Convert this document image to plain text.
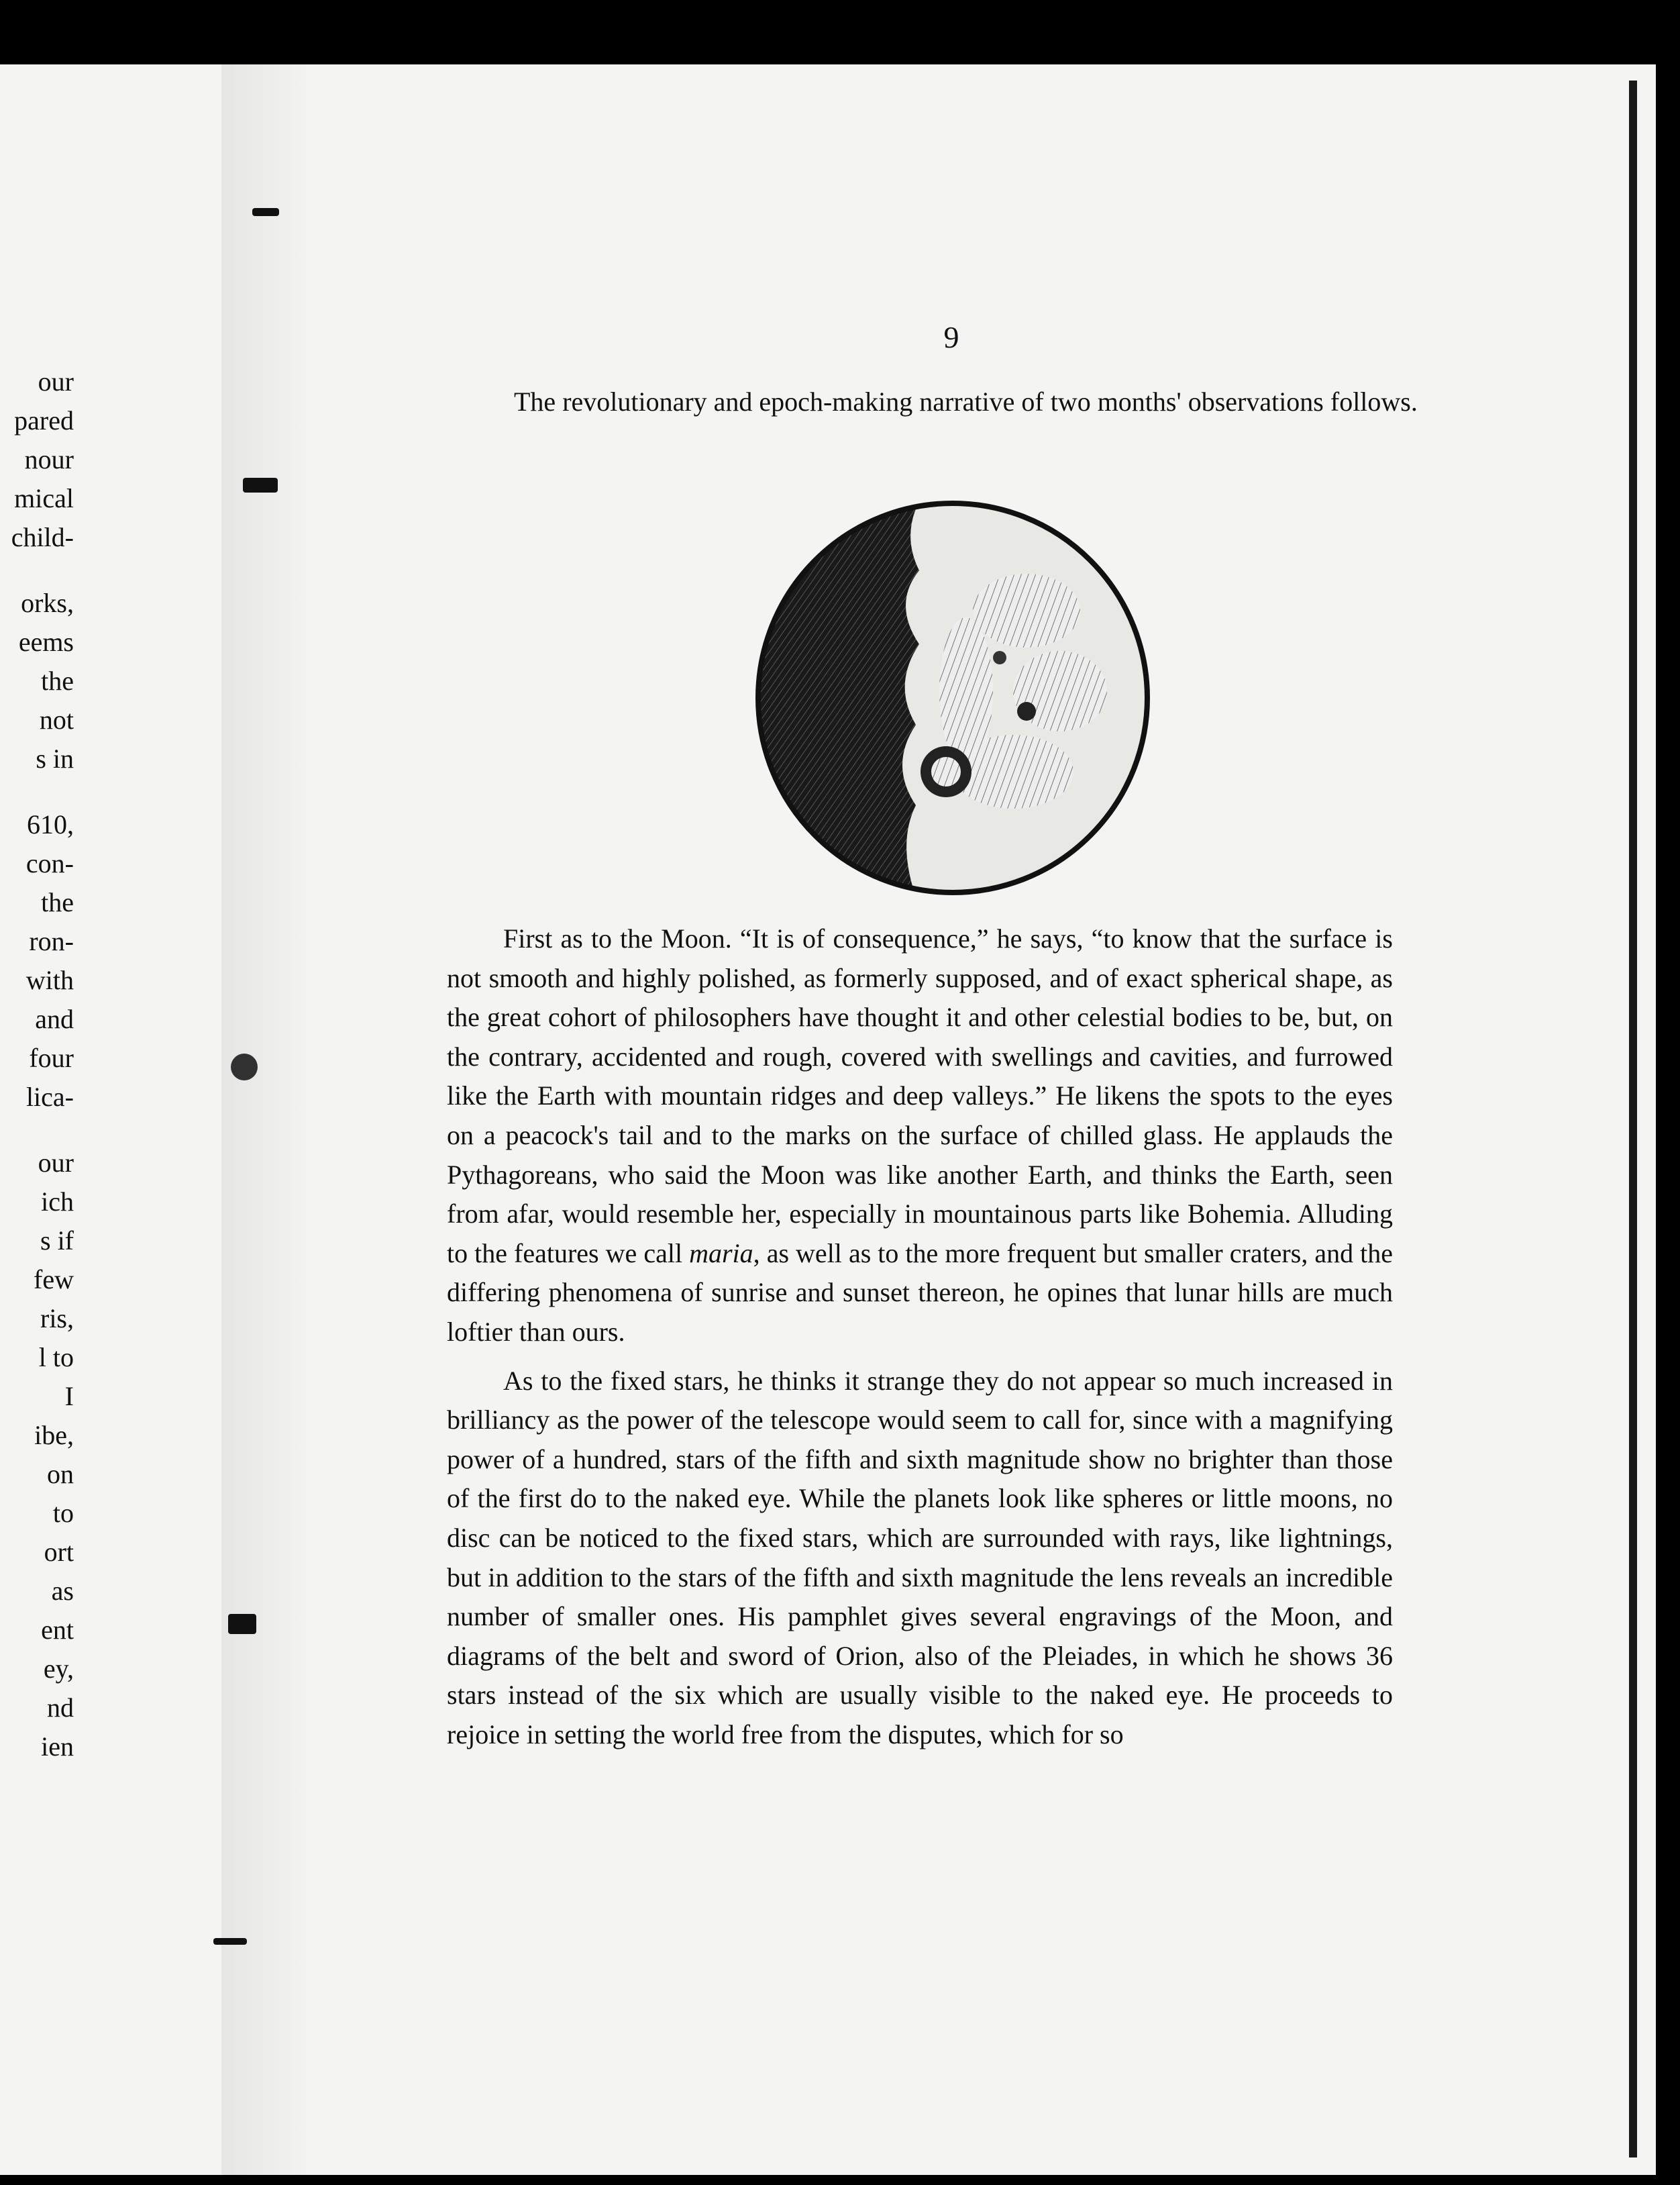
our
pared
nour
mical
child-
orks,
eems
the
not
s in
610,
con-
the
ron-
with
and
four
lica-
our
ich
s if
few
ris,
l to
I
ibe,
on
to
ort
as
ent
ey,
nd
ien
9
The revolutionary and epoch-making narrative of two months' observations follows.

First as to the Moon. “It is of consequence,” he says, “to know that the surface is not smooth and highly polished, as formerly supposed, and of exact spherical shape, as the great cohort of philosophers have thought it and other celestial bodies to be, but, on the contrary, accidented and rough, covered with swellings and cavities, and furrowed like the Earth with mountain ridges and deep valleys.” He likens the spots to the eyes on a peacock's tail and to the marks on the surface of chilled glass. He applauds the Pythagoreans, who said the Moon was like another Earth, and thinks the Earth, seen from afar, would resemble her, especially in mountainous parts like Bohemia. Alluding to the features we call maria, as well as to the more frequent but smaller craters, and the differing phenomena of sunrise and sunset thereon, he opines that lunar hills are much loftier than ours.

As to the fixed stars, he thinks it strange they do not appear so much increased in brilliancy as the power of the telescope would seem to call for, since with a magnifying power of a hundred, stars of the fifth and sixth magnitude show no brighter than those of the first do to the naked eye. While the planets look like spheres or little moons, no disc can be noticed to the fixed stars, which are surrounded with rays, like lightnings, but in addition to the stars of the fifth and sixth magnitude the lens reveals an incredible number of smaller ones. His pamphlet gives several engravings of the Moon, and diagrams of the belt and sword of Orion, also of the Pleiades, in which he shows 36 stars instead of the six which are usually visible to the naked eye. He proceeds to rejoice in setting the world free from the disputes, which for so
